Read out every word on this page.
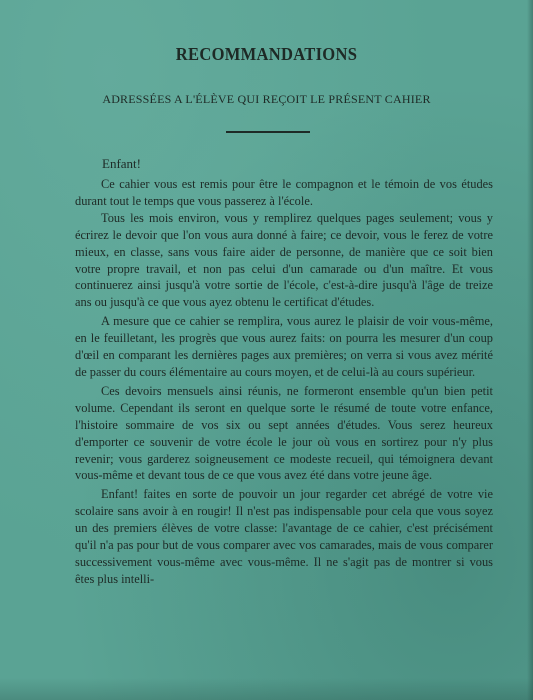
RECOMMANDATIONS
ADRESSÉES A L'ÉLÈVE QUI REÇOIT LE PRÉSENT CAHIER
Enfant!

Ce cahier vous est remis pour être le compagnon et le témoin de vos études durant tout le temps que vous passerez à l'école.

Tous les mois environ, vous y remplirez quelques pages seulement; vous y écrirez le devoir que l'on vous aura donné à faire; ce devoir, vous le ferez de votre mieux, en classe, sans vous faire aider de personne, de manière que ce soit bien votre propre travail, et non pas celui d'un camarade ou d'un maître. Et vous continuerez ainsi jusqu'à votre sortie de l'école, c'est-à-dire jusqu'à l'âge de treize ans ou jusqu'à ce que vous ayez obtenu le certificat d'études.

A mesure que ce cahier se remplira, vous aurez le plaisir de voir vous-même, en le feuilletant, les progrès que vous aurez faits: on pourra les mesurer d'un coup d'œil en comparant les dernières pages aux premières; on verra si vous avez mérité de passer du cours élémentaire au cours moyen, et de celui-là au cours supérieur.

Ces devoirs mensuels ainsi réunis, ne formeront ensemble qu'un bien petit volume. Cependant ils seront en quelque sorte le résumé de toute votre enfance, l'histoire sommaire de vos six ou sept années d'études. Vous serez heureux d'emporter ce souvenir de votre école le jour où vous en sortirez pour n'y plus revenir; vous garderez soigneusement ce modeste recueil, qui témoignera devant vous-même et devant tous de ce que vous avez été dans votre jeune âge.

Enfant! faites en sorte de pouvoir un jour regarder cet abrégé de votre vie scolaire sans avoir à en rougir! Il n'est pas indispensable pour cela que vous soyez un des premiers élèves de votre classe: l'avantage de ce cahier, c'est précisément qu'il n'a pas pour but de vous comparer avec vos camarades, mais de vous comparer successivement vous-même avec vous-même. Il ne s'agit pas de montrer si vous êtes plus intelli-
